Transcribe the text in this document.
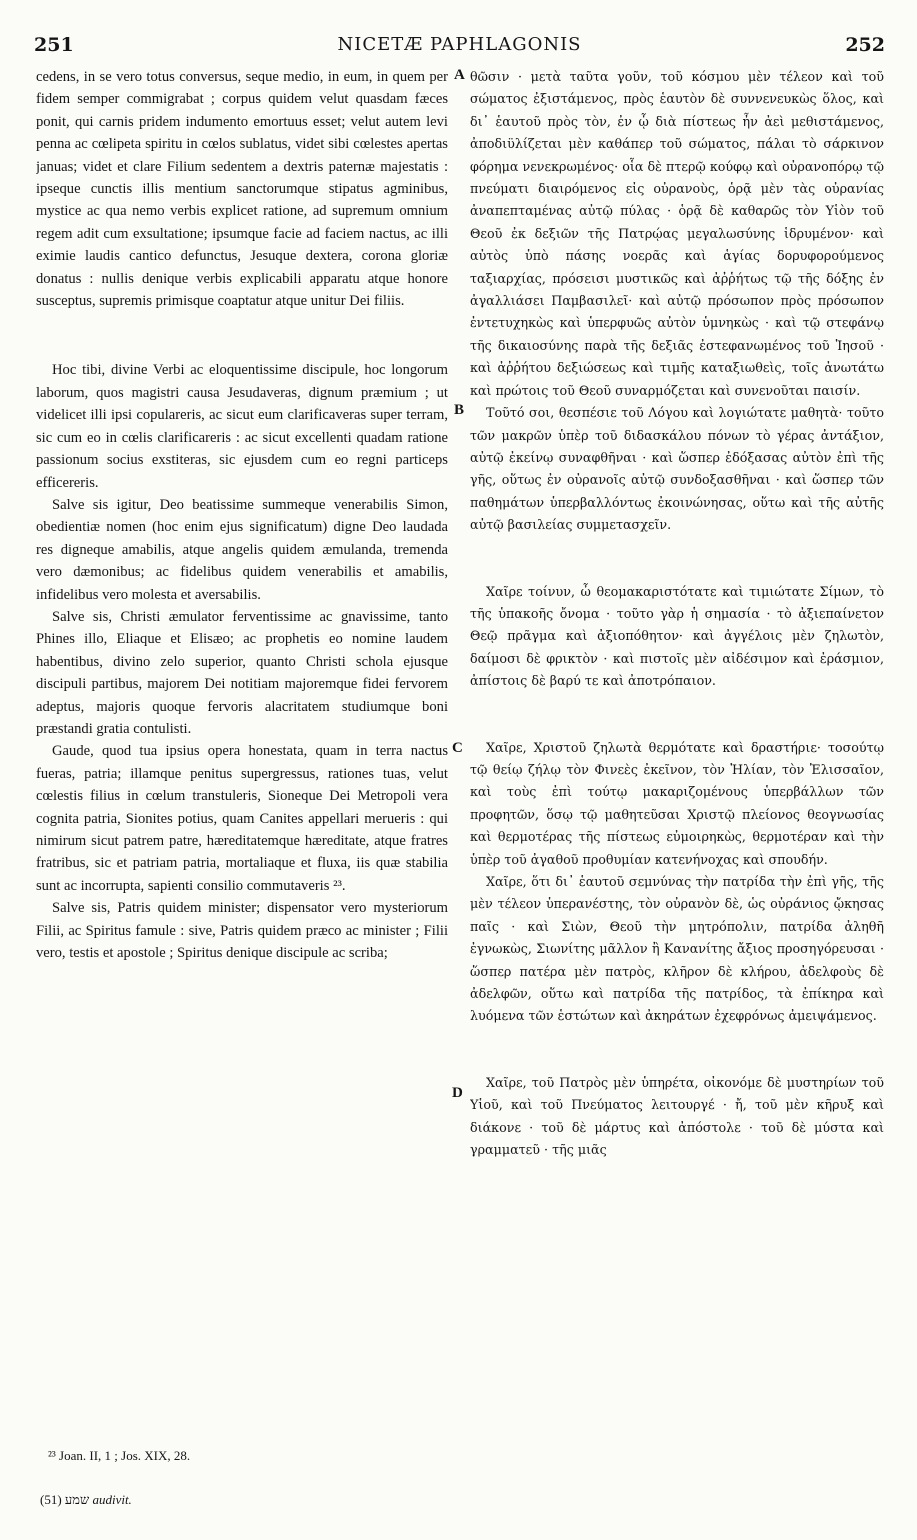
251	NICETÆ PAPHLAGONIS	252

cedens, in se vero totus conversus, seque medio, in eum, in quem per fidem semper commigrabat ; corpus quidem velut quasdam fæces ponit, qui carnis pridem indumento emortuus esset; velut autem levi penna ac cœlipeta spiritu in cœlos sublatus, videt sibi cœlestes apertas januas; videt et clare Filium sedentem a dextris paternæ majestatis : ipseque cunctis illis mentium sanctorumque stipatus agminibus, mystice ac qua nemo verbis explicet ratione, ad supremum omnium regem adit cum exsultatione; ipsumque facie ad faciem nactus, ac illi eximie laudis cantico defunctus, Jesuque dextera, corona gloriæ donatus : nullis denique verbis explicabili apparatu atque honore susceptus, supremis primisque coaptatur atque unitur Dei filiis.

Hoc tibi, divine Verbi ac eloquentissime discipule, hoc longorum laborum, quos magistri causa Jesudaveras, dignum præmium ; ut videlicet illi ipsi copulareris, ac sicut eum clarificaveras super terram, sic cum eo in cœlis clarificareris : ac sicut excellenti quadam ratione passionum socius exstiteras, sic ejusdem cum eo regni particeps efficereris.

Salve sis igitur, Deo beatissime summeque venerabilis Simon, obedientiæ nomen (hoc enim ejus significatum) digne Deo laudada res digneque amabilis, atque angelis quidem æmulanda, tremenda vero dæmonibus; ac fidelibus quidem venerabilis et amabilis, infidelibus vero molesta et aversabilis.

Salve sis, Christi æmulator ferventissime ac gnavissime, tanto Phines illo, Eliaque et Elisæo; ac prophetis eo nomine laudem habentibus, divino zelo superior, quanto Christi schola ejusque discipuli partibus, majorem Dei notitiam majoremque fidei fervorem adeptus, majoris quoque fervoris alacritatem studiumque boni præstandi gratia contulisti.

Gaude, quod tua ipsius opera honestata, quam in terra nactus fueras, patria; illamque penitus supergressus, rationes tuas, velut cœlestis filius in cœlum transtuleris, Sioneque Dei Metropoli vera cognita patria, Sionites potius, quam Canites appellari merueris : qui nimirum sicut patrem patre, hæreditatemque hæreditate, atque fratres fratribus, sic et patriam patria, mortaliaque et fluxa, iis quæ stabilia sunt ac incorrupta, sapienti consilio commutaveris ²³.

Salve sis, Patris quidem minister; dispensator vero mysteriorum Filii, ac Spiritus famule : sive, Patris quidem præco ac minister ; Filii vero, testis et apostole ; Spiritus denique discipule ac scriba;

A
B
C
D

θῶσιν · μετὰ ταῦτα γοῦν, τοῦ κόσμου μὲν τέλεον καὶ τοῦ σώματος ἐξιστάμενος, πρὸς ἑαυτὸν δὲ συννενευκὼς ὅλος, καὶ δι᾽ ἑαυτοῦ πρὸς τὸν, ἐν ᾧ διὰ πίστεως ἦν ἀεὶ μεθιστάμενος, ἀποδιϋλίζεται μὲν καθάπερ τοῦ σώματος, πάλαι τὸ σάρκινον φόρημα νενεκρωμένος· οἷα δὲ πτερῷ κούφῳ καὶ οὐρανοπόρῳ τῷ πνεύματι διαιρόμενος εἰς οὐρανοὺς, ὁρᾷ μὲν τὰς οὐρανίας ἀναπεπταμένας αὐτῷ πύλας · ὁρᾷ δὲ καθαρῶς τὸν Υἱὸν τοῦ Θεοῦ ἐκ δεξιῶν τῆς Πατρῴας μεγαλωσύνης ἱδρυμένον· καὶ αὐτὸς ὑπὸ πάσης νοερᾶς καὶ ἁγίας δορυφορούμενος ταξιαρχίας, πρόσεισι μυστικῶς καὶ ἀῤῥήτως τῷ τῆς δόξης ἐν ἀγαλλιάσει Παμβασιλεῖ· καὶ αὐτῷ πρόσωπον πρὸς πρόσωπον ἐντετυχηκὼς καὶ ὑπερφυῶς αὐτὸν ὑμνηκὼς · καὶ τῷ στεφάνῳ τῆς δικαιοσύνης παρὰ τῆς δεξιᾶς ἐστεφανωμένος τοῦ Ἰησοῦ · καὶ ἀῤῥήτου δεξιώσεως καὶ τιμῆς καταξιωθεὶς, τοῖς ἀνωτάτω καὶ πρώτοις τοῦ Θεοῦ συναρμόζεται καὶ συνενοῦται παισίν.

Τοῦτό σοι, θεσπέσιε τοῦ Λόγου καὶ λογιώτατε μαθητὰ· τοῦτο τῶν μακρῶν ὑπὲρ τοῦ διδασκάλου πόνων τὸ γέρας ἀντάξιον, αὐτῷ ἐκείνῳ συναφθῆναι · καὶ ὥσπερ ἐδόξασας αὐτὸν ἐπὶ τῆς γῆς, οὕτως ἐν οὐρανοῖς αὐτῷ συνδοξασθῆναι · καὶ ὥσπερ τῶν παθημάτων ὑπερβαλλόντως ἐκοινώνησας, οὕτω καὶ τῆς αὐτῆς αὐτῷ βασιλείας συμμετασχεῖν.

Χαῖρε τοίνυν, ὦ θεομακαριστότατε καὶ τιμιώτατε Σίμων, τὸ τῆς ὑπακοῆς ὄνομα · τοῦτο γὰρ ἡ σημασία · τὸ ἀξιεπαίνετον Θεῷ πρᾶγμα καὶ ἀξιοπόθητον· καὶ ἀγγέλοις μὲν ζηλωτὸν, δαίμοσι δὲ φρικτὸν · καὶ πιστοῖς μὲν αἰδέσιμον καὶ ἐράσμιον, ἀπίστοις δὲ βαρύ τε καὶ ἀποτρόπαιον.

Χαῖρε, Χριστοῦ ζηλωτὰ θερμότατε καὶ δραστήριε· τοσούτῳ τῷ θείῳ ζήλῳ τὸν Φινεὲς ἐκεῖνον, τὸν Ἠλίαν, τὸν Ἐλισσαῖον, καὶ τοὺς ἐπὶ τούτῳ μακαριζομένους ὑπερβάλλων τῶν προφητῶν, ὅσῳ τῷ μαθητεῦσαι Χριστῷ πλείονος θεογνωσίας καὶ θερμοτέρας τῆς πίστεως εὐμοιρηκὼς, θερμοτέραν καὶ τὴν ὑπὲρ τοῦ ἀγαθοῦ προθυμίαν κατενήνοχας καὶ σπουδήν.

Χαῖρε, ὅτι δι᾽ ἑαυτοῦ σεμνύνας τὴν πατρίδα τὴν ἐπὶ γῆς, τῆς μὲν τέλεον ὑπερανέστης, τὸν οὐρανὸν δὲ, ὡς οὐράνιος ᾤκησας παῖς · καὶ Σιὼν, Θεοῦ τὴν μητρόπολιν, πατρίδα ἀληθῆ ἐγνωκὼς, Σιωνίτης μᾶλλον ἢ Κανανίτης ἄξιος προσηγόρευσαι · ὥσπερ πατέρα μὲν πατρὸς, κλῆρον δὲ κλήρου, ἀδελφοὺς δὲ ἀδελφῶν, οὕτω καὶ πατρίδα τῆς πατρίδος, τὰ ἐπίκηρα καὶ λυόμενα τῶν ἑστώτων καὶ ἀκηράτων ἐχεφρόνως ἀμειψάμενος.

Χαῖρε, τοῦ Πατρὸς μὲν ὑπηρέτα, οἰκονόμε δὲ μυστηρίων τοῦ Υἱοῦ, καὶ τοῦ Πνεύματος λειτουργέ · ἤ, τοῦ μὲν κῆρυξ καὶ διάκονε · τοῦ δὲ μάρτυς καὶ ἀπόστολε · τοῦ δὲ μύστα καὶ γραμματεῦ · τῆς μιᾶς

²³ Joan. II, 1 ; Jos. XIX, 28.
(51) שמע audivit.
